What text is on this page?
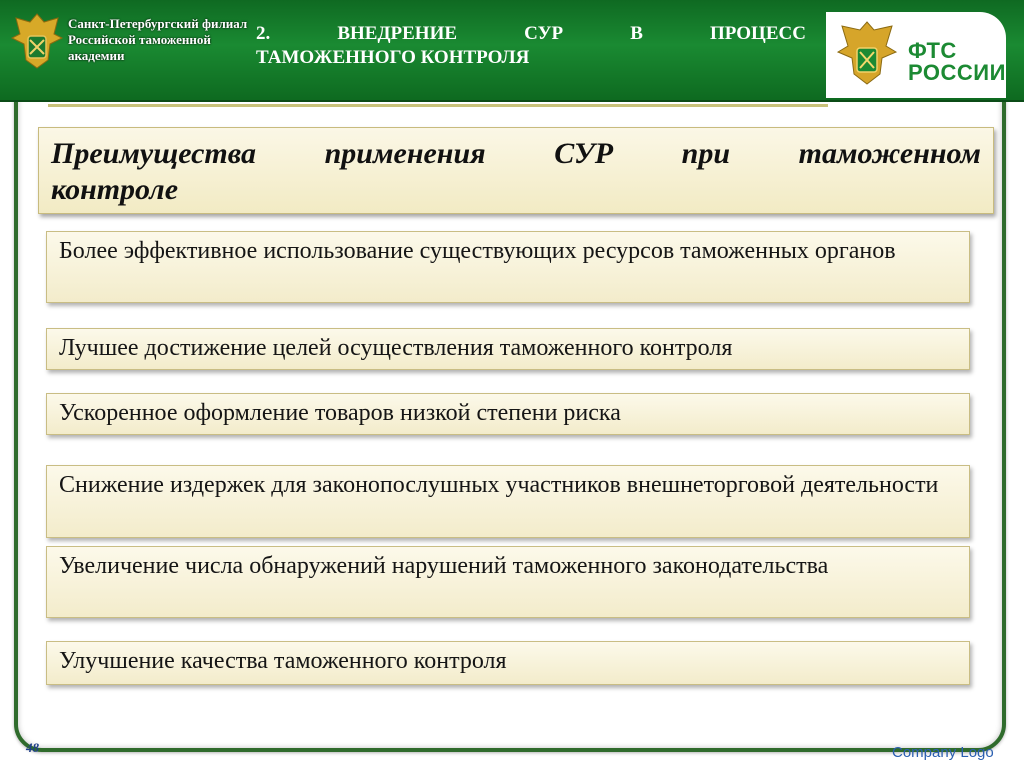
Санкт-Петербургский филиал Российской таможенной академии
2.	ВНЕДРЕНИЕ	СУР	В	ПРОЦЕСС
ТАМОЖЕННОГО КОНТРОЛЯ	ФТС
РОССИИ
Преимущества применения СУР при таможенном
контроле
Более эффективное использование существующих ресурсов таможенных органов
Лучшее достижение целей осуществления таможенного контроля
Ускоренное оформление товаров низкой степени риска
Снижение издержек для законопослушных участников внешнеторговой деятельности
Увеличение числа обнаружений нарушений таможенного законодательства
Улучшение качества таможенного контроля
48	Company Logo
